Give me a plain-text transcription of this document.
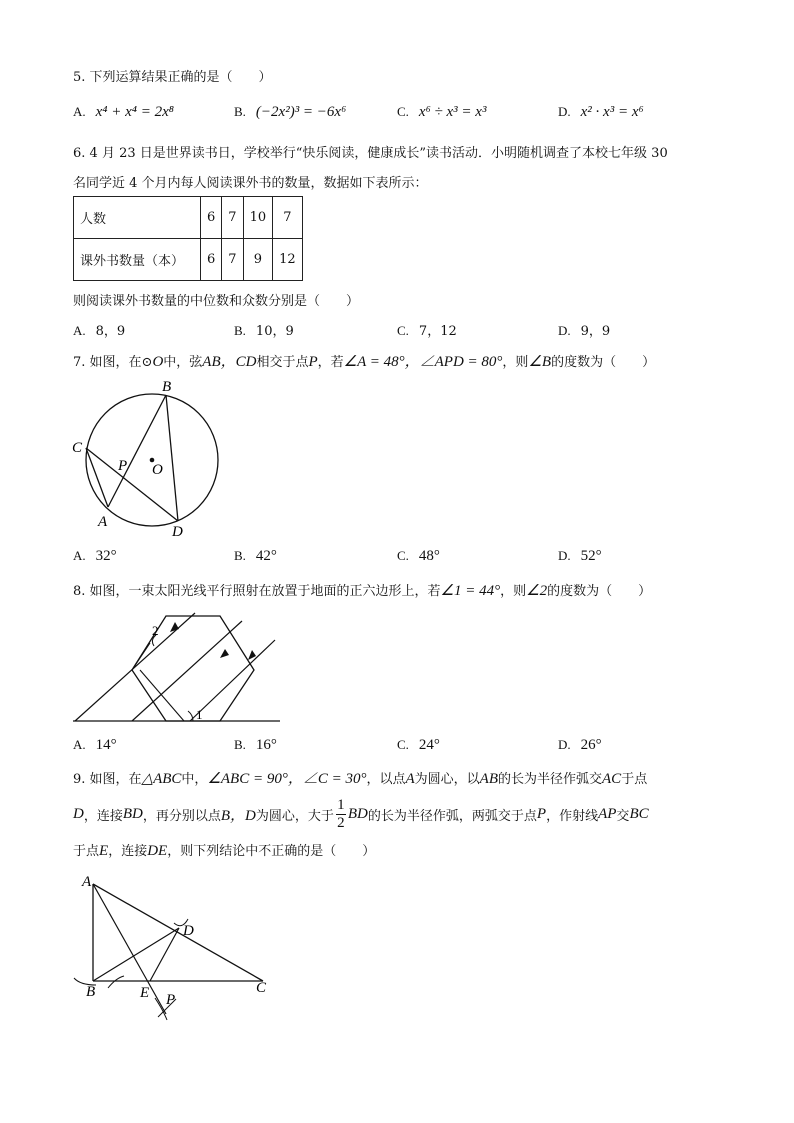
5. 下列运算结果正确的是（　　）
A. x⁴ + x⁴ = 2x⁸	B. (−2x²)³ = −6x⁶	C. x⁶ ÷ x³ = x³	D. x² · x³ = x⁶
6. 4 月 23 日是世界读书日，学校举行“快乐阅读，健康成长”读书活动．小明随机调查了本校七年级 30
名同学近 4 个月内每人阅读课外书的数量，数据如下表所示：
人数	6	7	10	7
课外书数量（本）	6	7	9	12
则阅读课外书数量的中位数和众数分别是（　　）
A. 8，9	B. 10，9	C. 7，12	D. 9，9
7. 如图，在⊙O中，弦AB，CD相交于点P，若∠A = 48°，∠APD = 80°，则∠B的度数为（　　）
B
C
P O
A
D
A. 32°	B. 42°	C. 48°	D. 52°
8. 如图，一束太阳光线平行照射在放置于地面的正六边形上，若∠1 = 44°，则∠2的度数为（　　）
2
1
A. 14°	B. 16°	C. 24°	D. 26°
9. 如图，在△ABC中，∠ABC = 90°，∠C = 30°，以点A为圆心，以AB的长为半径作弧交AC于点
D ，连接 BD ，再分别以点 B，D 为圆心，大于
1
2
BD 的长为半径作弧，两弧交于点 P ，作射线 AP 交 BC
于点E，连接DE，则下列结论中不正确的是（　　）
A
B	C
D
E P
